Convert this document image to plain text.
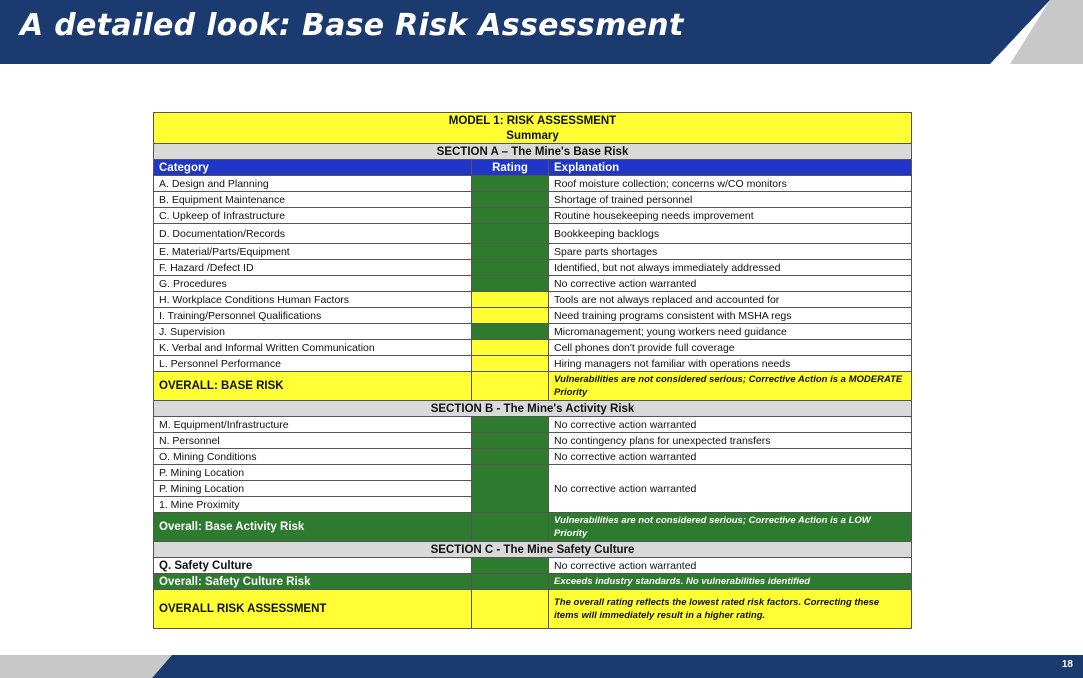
A detailed look: Base Risk Assessment
MODEL 1: RISK ASSESSMENT		
Summary		
SECTION A – The Mine's Base Risk		
Category	Rating	Explanation
A. Design and Planning		Roof moisture collection; concerns w/CO monitors
B. Equipment Maintenance		Shortage of trained personnel
C. Upkeep of Infrastructure		Routine housekeeping needs improvement
D. Documentation/Records		Bookkeeping backlogs
E. Material/Parts/Equipment		Spare parts shortages
F. Hazard /Defect ID		Identified, but not always immediately addressed
G. Procedures		No corrective action warranted
H. Workplace Conditions Human Factors		Tools are not always replaced and accounted for
I. Training/Personnel Qualifications		Need training programs consistent with MSHA regs
J. Supervision		Micromanagement; young workers need guidance
K. Verbal and Informal Written Communication		Cell phones don't provide full coverage
L. Personnel Performance		Hiring managers not familiar with operations needs
OVERALL: BASE RISK		Vulnerabilities are not considered serious; Corrective Action is a MODERATE Priority
SECTION B - The Mine's Activity Risk		
M. Equipment/Infrastructure		No corrective action warranted
N. Personnel		No contingency plans for unexpected transfers
O. Mining Conditions		No corrective action warranted
P. Mining Location		No corrective action warranted
P. Mining Location		
1. Mine Proximity		
Overall: Base Activity Risk		Vulnerabilities are not considered serious; Corrective Action is a LOW Priority
SECTION C - The Mine Safety Culture		
Q. Safety Culture		No corrective action warranted
Overall: Safety Culture Risk		Exceeds industry standards. No vulnerabilities identified
OVERALL RISK ASSESSMENT		The overall rating reflects the lowest rated risk factors. Correcting these items will immediately result in a higher rating.
18
